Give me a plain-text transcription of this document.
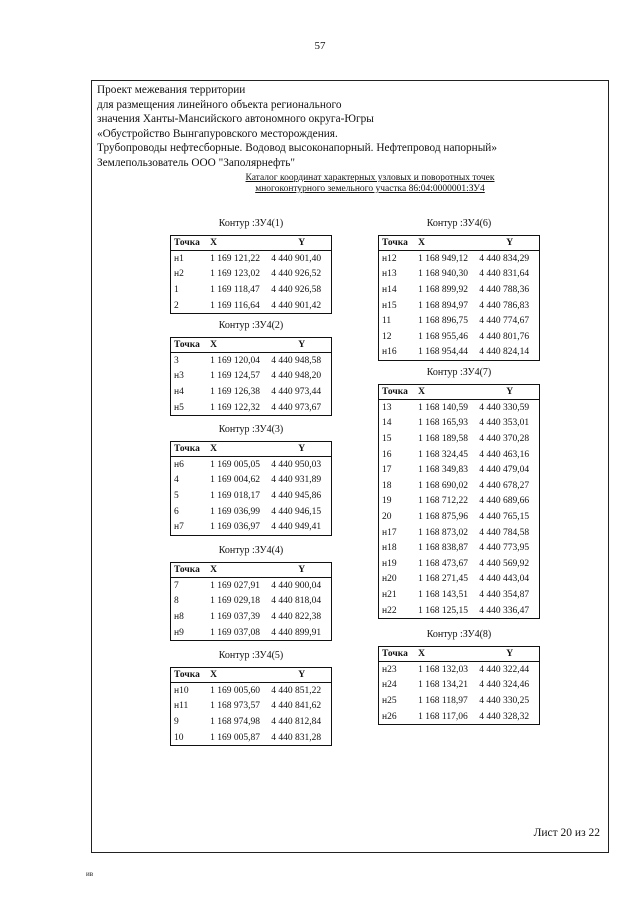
57
Проект межевания территории
для размещения линейного объекта регионального
значения Ханты-Мансийского автономного округа-Югры
«Обустройство Вынгапуровского месторождения.
Трубопроводы нефтесборные. Водовод высоконапорный. Нефтепровод напорный»
Землепользователь ООО "Заполярнефть"
Каталог координат характерных узловых и поворотных точек
многоконтурного земельного участка 86:04:0000001:ЗУ4
Контур :ЗУ4(1)
Точка	X	Y
н1	1 169 121,22	4 440 901,40
н2	1 169 123,02	4 440 926,52
1	1 169 118,47	4 440 926,58
2	1 169 116,64	4 440 901,42
Контур :ЗУ4(2)
Точка	X	Y
3	1 169 120,04	4 440 948,58
н3	1 169 124,57	4 440 948,20
н4	1 169 126,38	4 440 973,44
н5	1 169 122,32	4 440 973,67
Контур :ЗУ4(3)
Точка	X	Y
н6	1 169 005,05	4 440 950,03
4	1 169 004,62	4 440 931,89
5	1 169 018,17	4 440 945,86
6	1 169 036,99	4 440 946,15
н7	1 169 036,97	4 440 949,41
Контур :ЗУ4(4)
Точка	X	Y
7	1 169 027,91	4 440 900,04
8	1 169 029,18	4 440 818,04
н8	1 169 037,39	4 440 822,38
н9	1 169 037,08	4 440 899,91
Контур :ЗУ4(5)
Точка	X	Y
н10	1 169 005,60	4 440 851,22
н11	1 168 973,57	4 440 841,62
9	1 168 974,98	4 440 812,84
10	1 169 005,87	4 440 831,28
Контур :ЗУ4(6)
Точка	X	Y
н12	1 168 949,12	4 440 834,29
н13	1 168 940,30	4 440 831,64
н14	1 168 899,92	4 440 788,36
н15	1 168 894,97	4 440 786,83
11	1 168 896,75	4 440 774,67
12	1 168 955,46	4 440 801,76
н16	1 168 954,44	4 440 824,14
Контур :ЗУ4(7)
Точка	X	Y
13	1 168 140,59	4 440 330,59
14	1 168 165,93	4 440 353,01
15	1 168 189,58	4 440 370,28
16	1 168 324,45	4 440 463,16
17	1 168 349,83	4 440 479,04
18	1 168 690,02	4 440 678,27
19	1 168 712,22	4 440 689,66
20	1 168 875,96	4 440 765,15
н17	1 168 873,02	4 440 784,58
н18	1 168 838,87	4 440 773,95
н19	1 168 473,67	4 440 569,92
н20	1 168 271,45	4 440 443,04
н21	1 168 143,51	4 440 354,87
н22	1 168 125,15	4 440 336,47
Контур :ЗУ4(8)
Точка	X	Y
н23	1 168 132,03	4 440 322,44
н24	1 168 134,21	4 440 324,46
н25	1 168 118,97	4 440 330,25
н26	1 168 117,06	4 440 328,32
Лист 20 из 22
ив
